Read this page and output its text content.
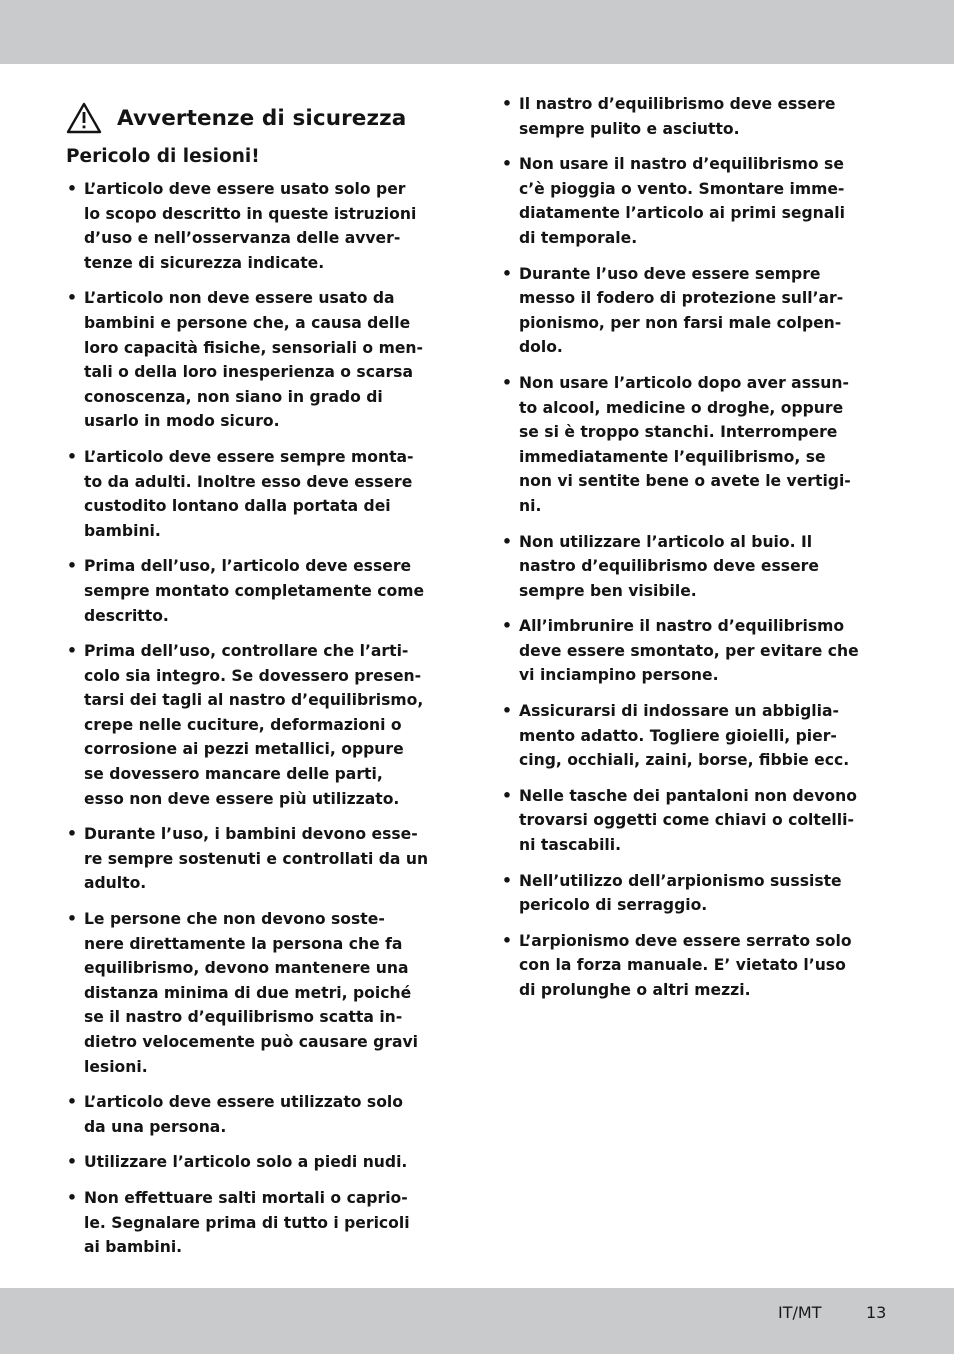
Avvertenze di sicurezza
Pericolo di lesioni!
• L’articolo deve essere usato solo per
lo scopo descritto in queste istruzioni
d’uso e nell’osservanza delle avver-
tenze di sicurezza indicate.
• L’articolo non deve essere usato da
bambini e persone che, a causa delle
loro capacità fisiche, sensoriali o men-
tali o della loro inesperienza o scarsa
conoscenza, non siano in grado di
usarlo in modo sicuro.
• L’articolo deve essere sempre monta-
to da adulti. Inoltre esso deve essere
custodito lontano dalla portata dei
bambini.
• Prima dell’uso, l’articolo deve essere
sempre montato completamente come
descritto.
• Prima dell’uso, controllare che l’arti-
colo sia integro. Se dovessero presen-
tarsi dei tagli al nastro d’equilibrismo,
crepe nelle cuciture, deformazioni o
corrosione ai pezzi metallici, oppure
se dovessero mancare delle parti,
esso non deve essere più utilizzato.
• Durante l’uso, i bambini devono esse-
re sempre sostenuti e controllati da un
adulto.
• Le persone che non devono soste-
nere direttamente la persona che fa
equilibrismo, devono mantenere una
distanza minima di due metri, poiché
se il nastro d’equilibrismo scatta in-
dietro velocemente può causare gravi
lesioni.
• L’articolo deve essere utilizzato solo
da una persona.
• Utilizzare l’articolo solo a piedi nudi.
• Non effettuare salti mortali o caprio-
le. Segnalare prima di tutto i pericoli
ai bambini.
• Il nastro d’equilibrismo deve essere
sempre pulito e asciutto.
• Non usare il nastro d’equilibrismo se
c’è pioggia o vento. Smontare imme-
diatamente l’articolo ai primi segnali
di temporale.
• Durante l’uso deve essere sempre
messo il fodero di protezione sull’ar-
pionismo, per non farsi male colpen-
dolo.
• Non usare l’articolo dopo aver assun-
to alcool, medicine o droghe, oppure
se si è troppo stanchi. Interrompere
immediatamente l’equilibrismo, se
non vi sentite bene o avete le vertigi-
ni.
• Non utilizzare l’articolo al buio. Il
nastro d’equilibrismo deve essere
sempre ben visibile.
• All’imbrunire il nastro d’equilibrismo
deve essere smontato, per evitare che
vi inciampino persone.
• Assicurarsi di indossare un abbiglia-
mento adatto. Togliere gioielli, pier-
cing, occhiali, zaini, borse, fibbie ecc.
• Nelle tasche dei pantaloni non devono
trovarsi oggetti come chiavi o coltelli-
ni tascabili.
• Nell’utilizzo dell’arpionismo sussiste
pericolo di serraggio.
• L’arpionismo deve essere serrato solo
con la forza manuale. E’ vietato l’uso
di prolunghe o altri mezzi.
IT/MT	13
